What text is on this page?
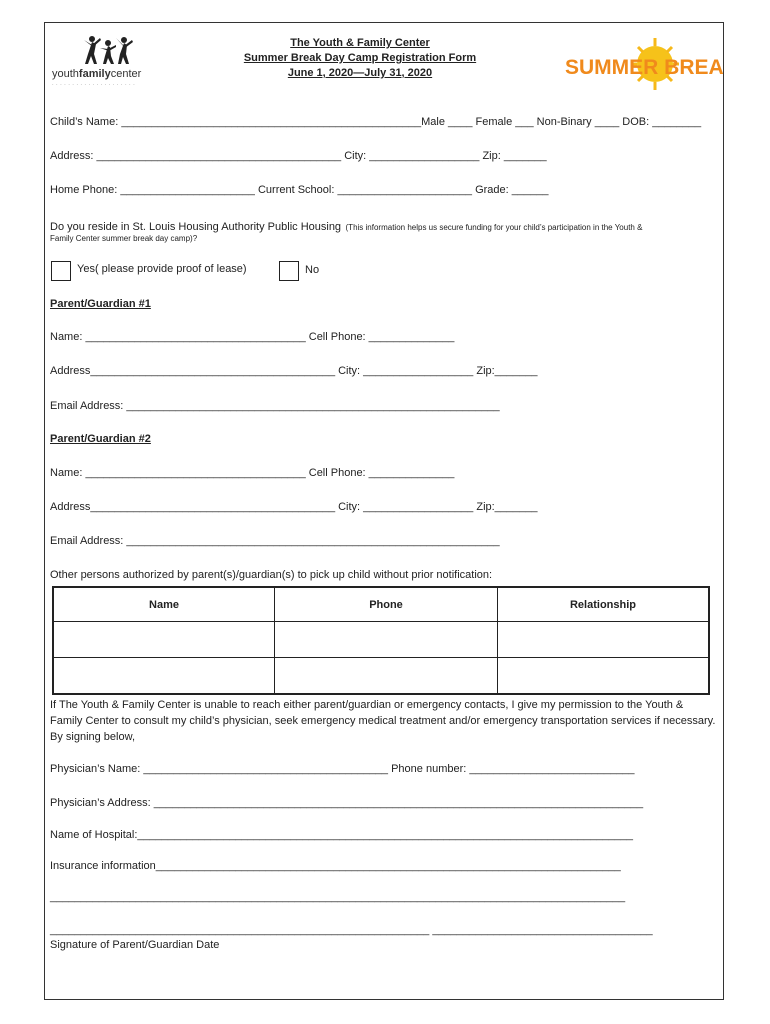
youthfamilycenter
· · · · · · · · · · · · · · · · · · · · ·
The Youth & Family Center
Summer Break Day Camp Registration Form
June 1, 2020—July 31, 2020	SUMMER BREAK
Child’s Name: _________________________________________________Male ____ Female ___ Non-Binary ____ DOB: ________
Address: ________________________________________ City: __________________ Zip: _______
Home Phone: ______________________ Current School: ______________________ Grade: ______
Do you reside in St. Louis Housing Authority Public Housing (This information helps us secure funding for your child’s participation in the Youth &
Family Center summer break day camp)?
Yes( please provide proof of lease)	No
Parent/Guardian #1
Name: ____________________________________ Cell Phone: ______________
Address________________________________________ City: __________________ Zip:_______
Email Address: _____________________________________________________________
Parent/Guardian #2
Name: ____________________________________ Cell Phone: ______________
Address________________________________________ City: __________________ Zip:_______
Email Address: _____________________________________________________________
Other persons authorized by parent(s)/guardian(s) to pick up child without prior notification:
Name	Phone	Relationship

If The Youth & Family Center is unable to reach either parent/guardian or emergency contacts, I give my permission to the Youth & Family Center to consult my child’s physician, seek emergency medical treatment and/or emergency transportation services if necessary. By signing below,
Physician’s Name: ________________________________________ Phone number: ___________________________
Physician’s Address: ________________________________________________________________________________
Name of Hospital:_________________________________________________________________________________
Insurance information____________________________________________________________________________
______________________________________________________________________________________________
______________________________________________________________ ____________________________________
Signature of Parent/Guardian Date
